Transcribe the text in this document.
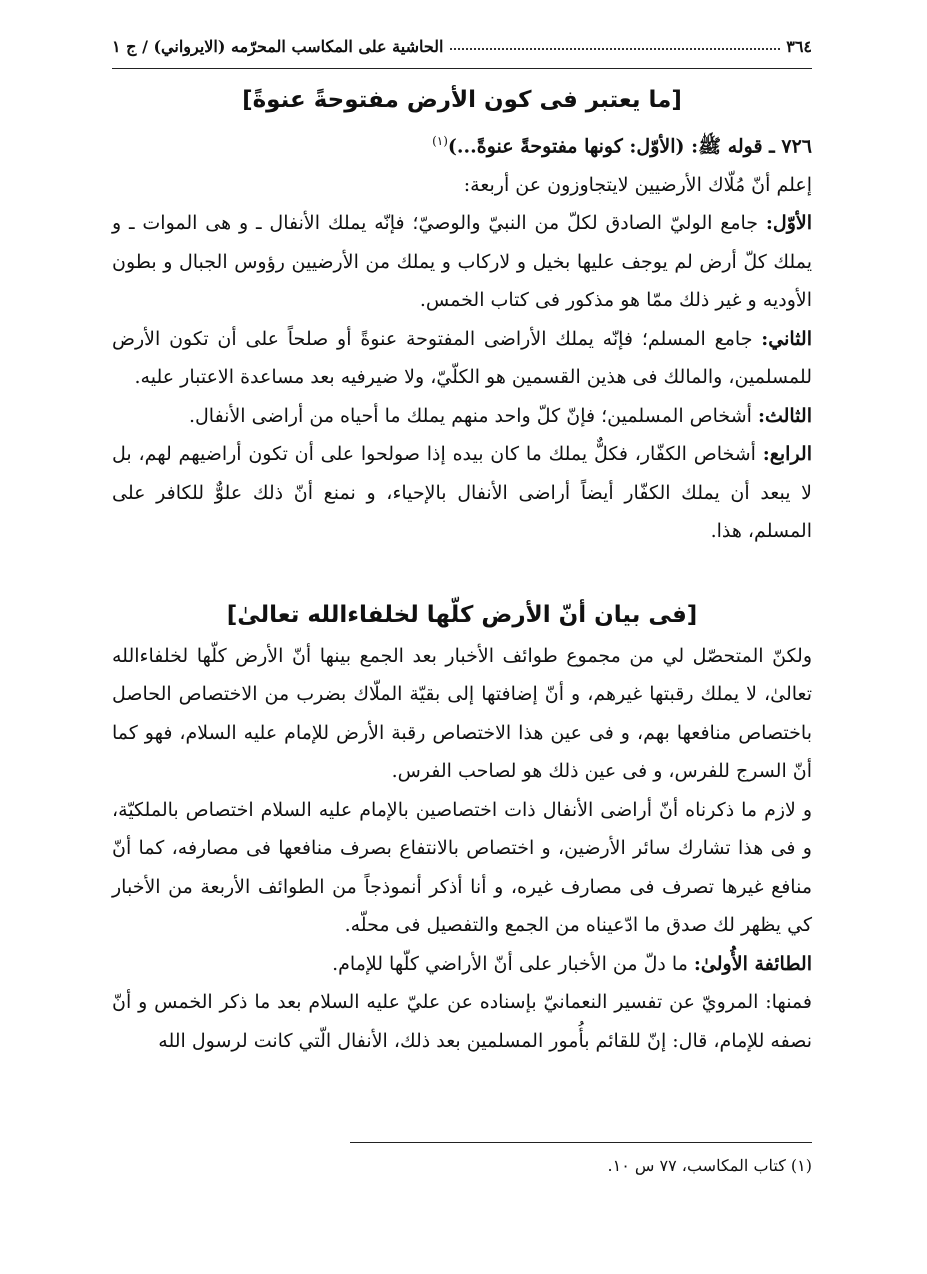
٣٦٤
الحاشية على المكاسب المحرّمه (الايرواني) / ج ١
[ما يعتبر فى كون الأرض مفتوحةً عنوةً]

٧٢٦ ـ قوله ﷺ: (الأوّل: كونها مفتوحةً عنوةً...)$^{(١)}$

إعلم أنّ مُلّاك الأرضيين لايتجاوزون عن أربعة:

الأوّل: جامع الوليّ الصادق لكلّ من النبيّ والوصيّ؛ فإنّه يملك الأنفال ـ و هى الموات ـ و يملك كلّ أرض لم يوجف عليها بخيل و لاركاب و يملك من الأرضيين رؤوس الجبال و بطون الأوديه و غير ذلك ممّا هو مذكور فى كتاب الخمس.

الثاني: جامع المسلم؛ فإنّه يملك الأراضى المفتوحة عنوةً أو صلحاً على أن تكون الأرض للمسلمين، والمالك فى هذين القسمين هو الكلّيّ، ولا ضيرفيه بعد مساعدة الاعتبار عليه.

الثالث: أشخاص المسلمين؛ فإنّ كلّ واحد منهم يملك ما أحياه من أراضى الأنفال.

الرابع: أشخاص الكفّار، فكلٌّ يملك ما كان بيده إذا صولحوا على أن تكون أراضيهم لهم، بل لا يبعد أن يملك الكفّار أيضاً أراضى الأنفال بالإحياء، و نمنع أنّ ذلك علوٌّ للكافر على المسلم، هذا.

[فى بيان أنّ الأرض كلّها لخلفاءالله تعالىٰ]

ولكنّ المتحصّل لي من مجموع طوائف الأخبار بعد الجمع بينها أنّ الأرض كلّها لخلفاءالله تعالىٰ، لا يملك رقبتها غيرهم، و أنّ إضافتها إلى بقيّة الملّاك بضرب من الاختصاص الحاصل باختصاص منافعها بهم، و فى عين هذا الاختصاص رقبة الأرض للإمام عليه السلام، فهو كما أنّ السرج للفرس، و فى عين ذلك هو لصاحب الفرس.

و لازم ما ذكرناه أنّ أراضى الأنفال ذات اختصاصين بالإمام عليه السلام اختصاص بالملكيّة، و فى هذا تشارك سائر الأرضين، و اختصاص بالانتفاع بصرف منافعها فى مصارفه، كما أنّ منافع غيرها تصرف فى مصارف غيره، و أنا أذكر أنموذجاً من الطوائف الأربعة من الأخبار كي يظهر لك صدق ما ادّعيناه من الجمع والتفصيل فى محلّه.

الطائفة الأُولىٰ: ما دلّ من الأخبار على أنّ الأراضي كلّها للإمام.

فمنها: المرويّ عن تفسير النعمانيّ بإسناده عن عليّ عليه السلام بعد ما ذكر الخمس و أنّ نصفه للإمام، قال: إنّ للقائم بأُمور المسلمين بعد ذلك، الأنفال الّتي كانت لرسول الله

(١) كتاب المكاسب، ٧٧ س ١٠.
